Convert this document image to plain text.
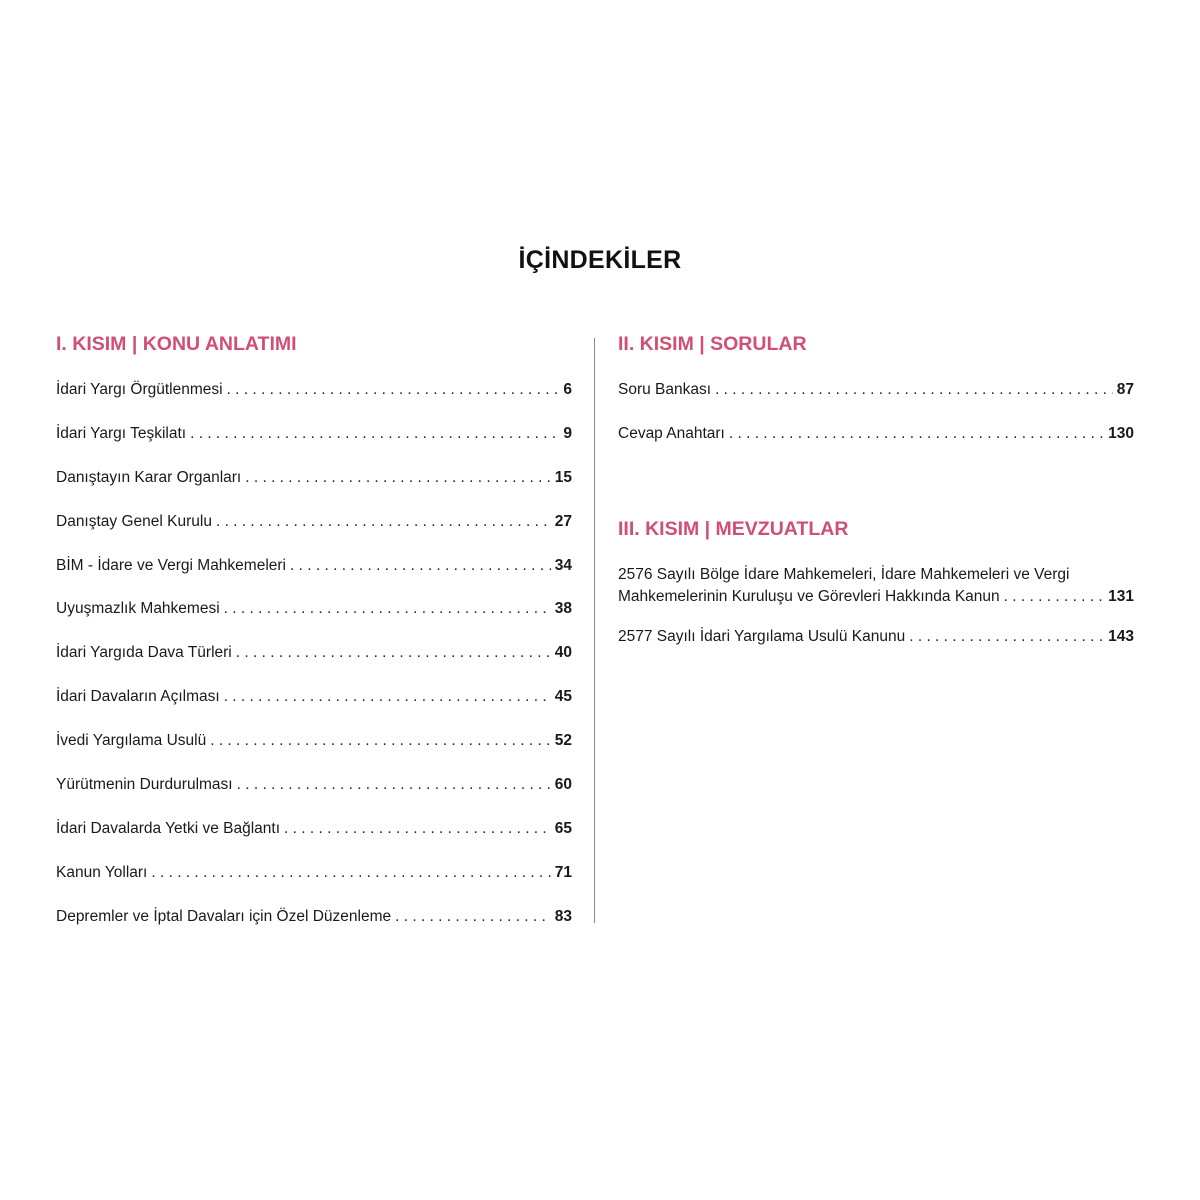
İÇİNDEKİLER
I. KISIM | KONU ANLATIMI
İdari Yargı Örgütlenmesi . . .	6
İdari Yargı Teşkilatı . . .	9
Danıştayın Karar Organları . . .	15
Danıştay Genel Kurulu . . .	27
BİM - İdare ve Vergi Mahkemeleri . . .	34
Uyuşmazlık Mahkemesi . . .	38
İdari Yargıda Dava Türleri . . .	40
İdari Davaların Açılması . . .	45
İvedi Yargılama Usulü . . .	52
Yürütmenin Durdurulması . . .	60
İdari Davalarda Yetki ve Bağlantı . . .	65
Kanun Yolları . . .	71
Depremler ve İptal Davaları için Özel Düzenleme . . .	83
II. KISIM | SORULAR
Soru Bankası . . .	87
Cevap Anahtarı . . .	130
III. KISIM | MEVZUATLAR
2576 Sayılı Bölge İdare Mahkemeleri, İdare Mahkemeleri ve Vergi
Mahkemelerinin Kuruluşu ve Görevleri Hakkında Kanun . . .	131
2577 Sayılı İdari Yargılama Usulü Kanunu . . .	143
